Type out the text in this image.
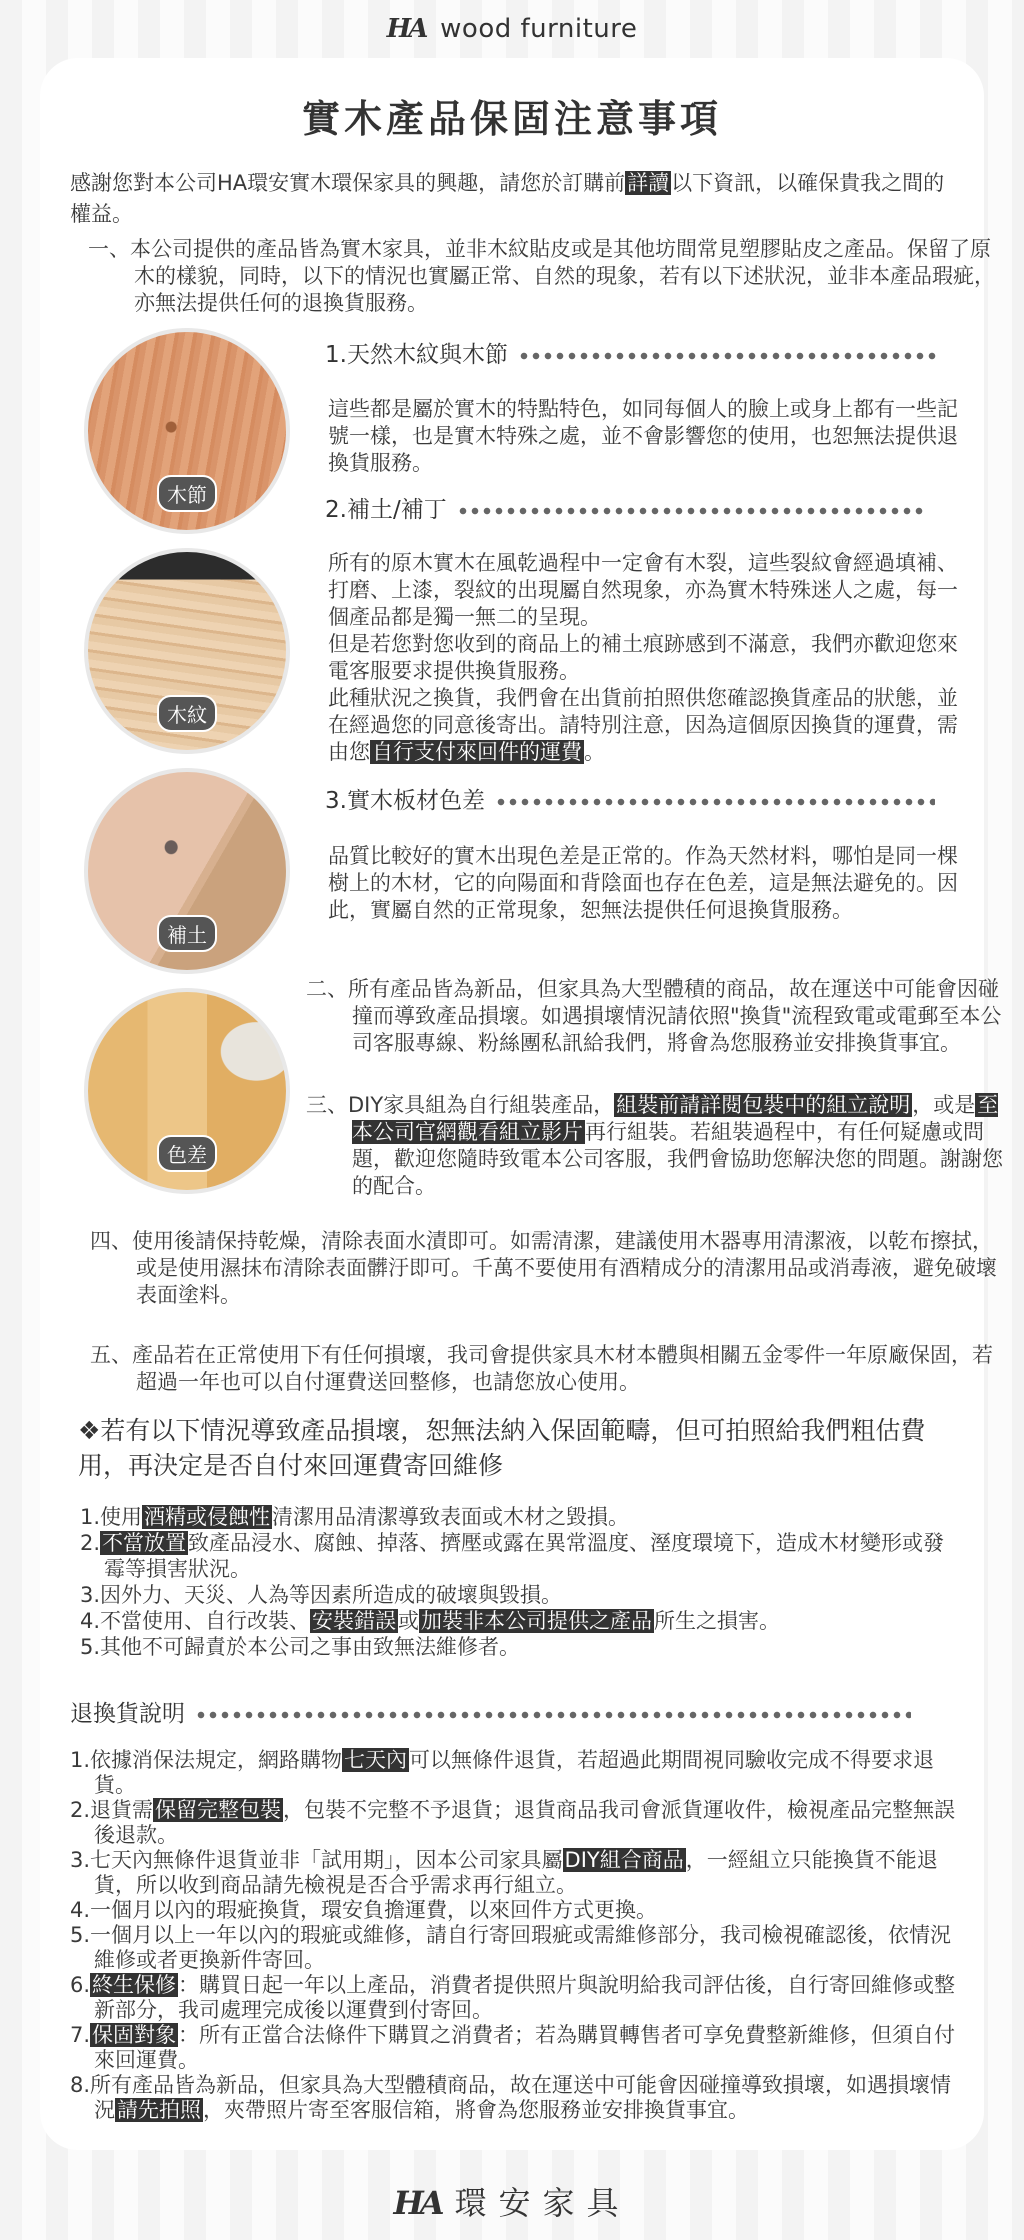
HA wood furniture
實木產品保固注意事項
感謝您對本公司HA環安實木環保家具的興趣，請您於訂購前詳讀以下資訊，以確保貴我之間的權益。
一、本公司提供的產品皆為實木家具，並非木紋貼皮或是其他坊間常見塑膠貼皮之產品。保留了原木的樣貌，同時，以下的情況也實屬正常、自然的現象，若有以下述狀況，並非本產品瑕疵，亦無法提供任何的退換貨服務。
木節
木紋
補土
色差
1.天然木紋與木節
這些都是屬於實木的特點特色，如同每個人的臉上或身上都有一些記號一樣，也是實木特殊之處，並不會影響您的使用，也恕無法提供退換貨服務。
2.補土/補丁
所有的原木實木在風乾過程中一定會有木裂，這些裂紋會經過填補、打磨、上漆，裂紋的出現屬自然現象，亦為實木特殊迷人之處，每一個產品都是獨一無二的呈現。
但是若您對您收到的商品上的補土痕跡感到不滿意，我們亦歡迎您來電客服要求提供換貨服務。
此種狀況之換貨，我們會在出貨前拍照供您確認換貨產品的狀態，並在經過您的同意後寄出。請特別注意，因為這個原因換貨的運費，需由您自行支付來回件的運費。
3.實木板材色差
品質比較好的實木出現色差是正常的。作為天然材料，哪怕是同一棵樹上的木材，它的向陽面和背陰面也存在色差，這是無法避免的。因此，實屬自然的正常現象，恕無法提供任何退換貨服務。
二、所有產品皆為新品，但家具為大型體積的商品，故在運送中可能會因碰撞而導致產品損壞。如遇損壞情況請依照"換貨"流程致電或電郵至本公司客服專線、粉絲團私訊給我們，將會為您服務並安排換貨事宜。
三、DIY家具組為自行組裝產品，組裝前請詳閱包裝中的組立說明，或是至本公司官網觀看組立影片再行組裝。若組裝過程中，有任何疑慮或問題，歡迎您隨時致電本公司客服，我們會協助您解決您的問題。謝謝您的配合。
四、使用後請保持乾燥，清除表面水漬即可。如需清潔，建議使用木器專用清潔液，以乾布擦拭，或是使用濕抹布清除表面髒汙即可。千萬不要使用有酒精成分的清潔用品或消毒液，避免破壞表面塗料。
五、產品若在正常使用下有任何損壞，我司會提供家具木材本體與相關五金零件一年原廠保固，若超過一年也可以自付運費送回整修，也請您放心使用。
❖若有以下情況導致產品損壞，恕無法納入保固範疇，但可拍照給我們粗估費用，再決定是否自付來回運費寄回維修
1.使用酒精或侵蝕性清潔用品清潔導致表面或木材之毀損。
2.不當放置致產品浸水、腐蝕、掉落、擠壓或露在異常溫度、溼度環境下，造成木材變形或發霉等損害狀況。
3.因外力、天災、人為等因素所造成的破壞與毀損。
4.不當使用、自行改裝、安裝錯誤或加裝非本公司提供之產品所生之損害。
5.其他不可歸責於本公司之事由致無法維修者。
退換貨說明
1.依據消保法規定，網路購物七天內可以無條件退貨，若超過此期間視同驗收完成不得要求退貨。
2.退貨需保留完整包裝，包裝不完整不予退貨；退貨商品我司會派貨運收件，檢視產品完整無誤後退款。
3.七天內無條件退貨並非「試用期」，因本公司家具屬DIY組合商品，一經組立只能換貨不能退貨，所以收到商品請先檢視是否合乎需求再行組立。
4.一個月以內的瑕疵換貨，環安負擔運費，以來回件方式更換。
5.一個月以上一年以內的瑕疵或維修，請自行寄回瑕疵或需維修部分，我司檢視確認後，依情況維修或者更換新件寄回。
6.終生保修：購買日起一年以上產品，消費者提供照片與說明給我司評估後，自行寄回維修或整新部分，我司處理完成後以運費到付寄回。
7.保固對象：所有正當合法條件下購買之消費者；若為購買轉售者可享免費整新維修，但須自付來回運費。
8.所有產品皆為新品，但家具為大型體積商品，故在運送中可能會因碰撞導致損壞，如遇損壞情況請先拍照，夾帶照片寄至客服信箱，將會為您服務並安排換貨事宜。
HA 環安家具
